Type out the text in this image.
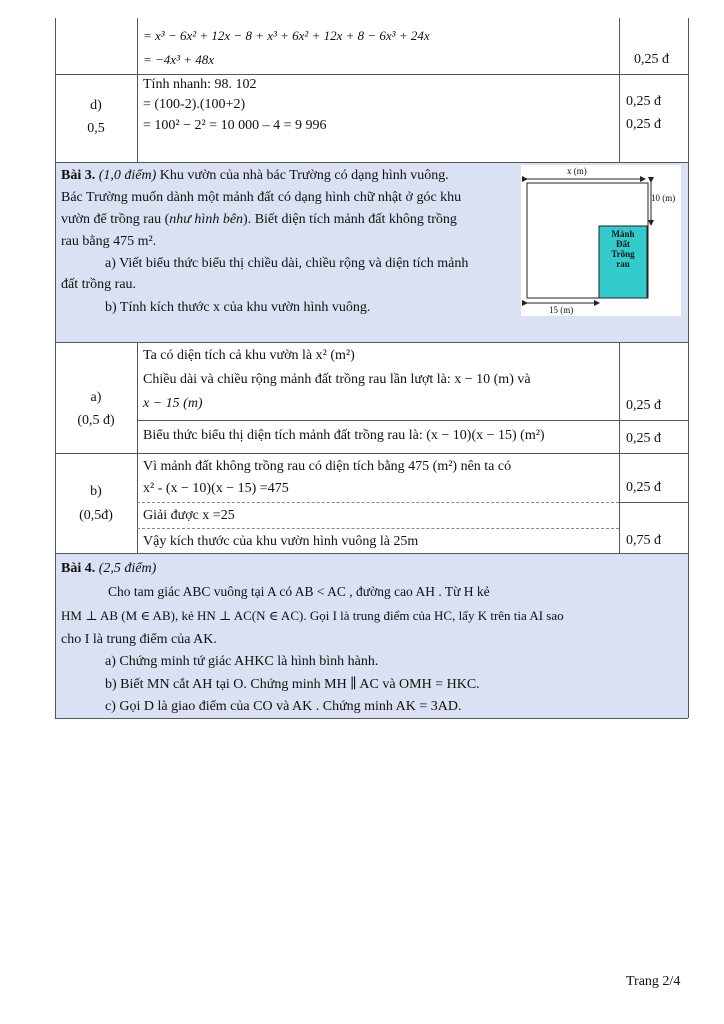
= x³ − 6x² + 12x − 8 + x³ + 6x² + 12x + 8 − 6x³ + 24x
= −4x³ + 48x	0,25 đ
d)
0,5
Tính nhanh: 98. 102
= (100-2).(100+2)
= 100² − 2² = 10 000 – 4 = 9 996
0,25 đ
0,25 đ
Bài 3. (1,0 điểm) Khu vườn của nhà bác Trường có dạng hình vuông.
Bác Trường muốn dành một mảnh đất có dạng hình chữ nhật ở góc khu
vườn để trồng rau (như hình bên). Biết diện tích mảnh đất không trồng
rau bằng 475 m².
a) Viết biểu thức biểu thị chiều dài, chiều rộng và diện tích mảnh
đất trồng rau.
b) Tính kích thước x của khu vườn hình vuông.
x (m)
10 (m)
15 (m)
Mảnh
Đất
Trồng
rau
a)
(0,5 đ)
Ta có diện tích cả khu vườn là x² (m²)
Chiều dài và chiều rộng mảnh đất trồng rau lần lượt là: x − 10 (m) và
x − 15 (m)
Biểu thức biểu thị diện tích mảnh đất trồng rau là: (x − 10)(x − 15) (m²)
0,25 đ
0,25 đ
b)
(0,5đ)
Vì mảnh đất không trồng rau có diện tích bằng 475 (m²) nên ta có
x² - (x − 10)(x − 15) =475
Giải được x =25
Vậy kích thước của khu vườn hình vuông là 25m
0,25 đ
0,75 đ
Bài 4. (2,5 điểm)
Cho tam giác ABC vuông tại A có AB < AC , đường cao AH . Từ H kẻ
HM ⊥ AB (M ∈ AB), kẻ HN ⊥ AC(N ∈ AC). Gọi I là trung điểm của HC, lấy K trên tia AI sao
cho I là trung điểm của AK.
a) Chứng minh tứ giác AHKC là hình bình hành.
b) Biết MN cắt AH tại O. Chứng minh MH ∥ AC và OMH = HKC.
c) Gọi D là giao điểm của CO và AK . Chứng minh AK = 3AD.
Trang 2/4
